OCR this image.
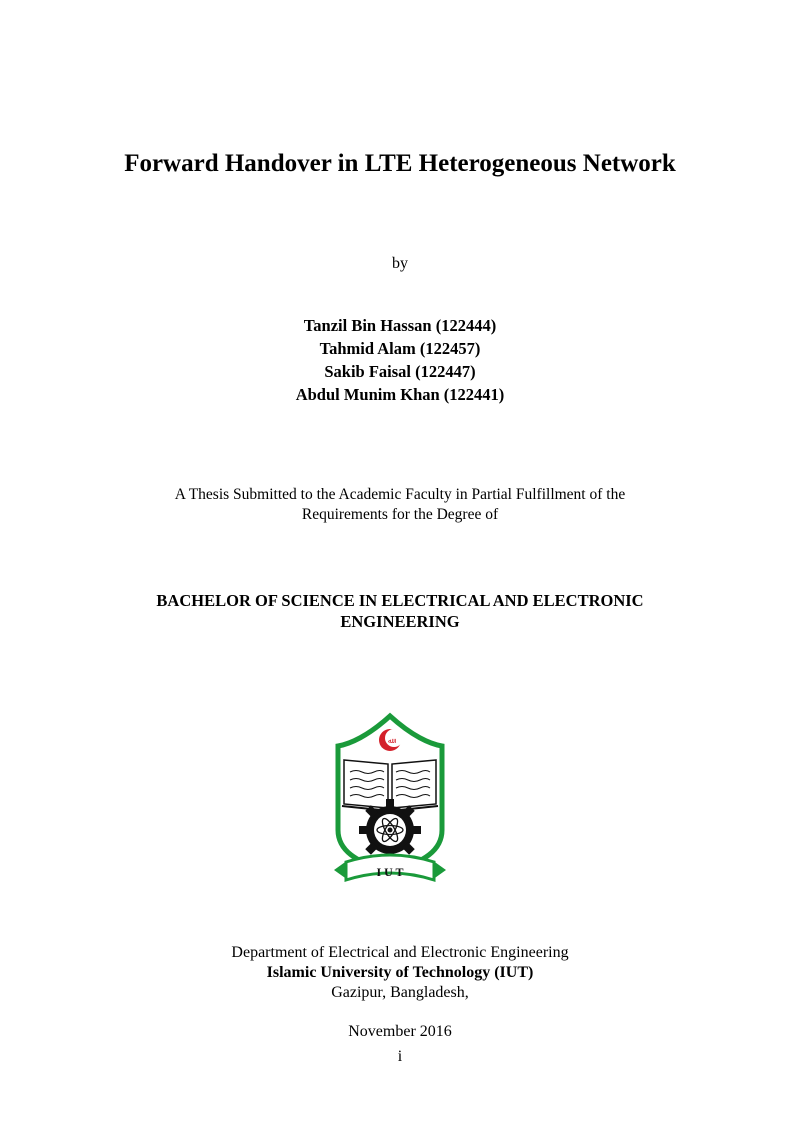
Forward Handover in LTE Heterogeneous Network
by
Tanzil Bin Hassan (122444)
Tahmid Alam (122457)
Sakib Faisal (122447)
Abdul Munim Khan (122441)
A Thesis Submitted to the Academic Faculty in Partial Fulfillment of the
Requirements for the Degree of
BACHELOR OF SCIENCE IN ELECTRICAL AND ELECTRONIC
ENGINEERING
ﷲ
I U T
Department of Electrical and Electronic Engineering
Islamic University of Technology (IUT)
Gazipur, Bangladesh,
November 2016
i
